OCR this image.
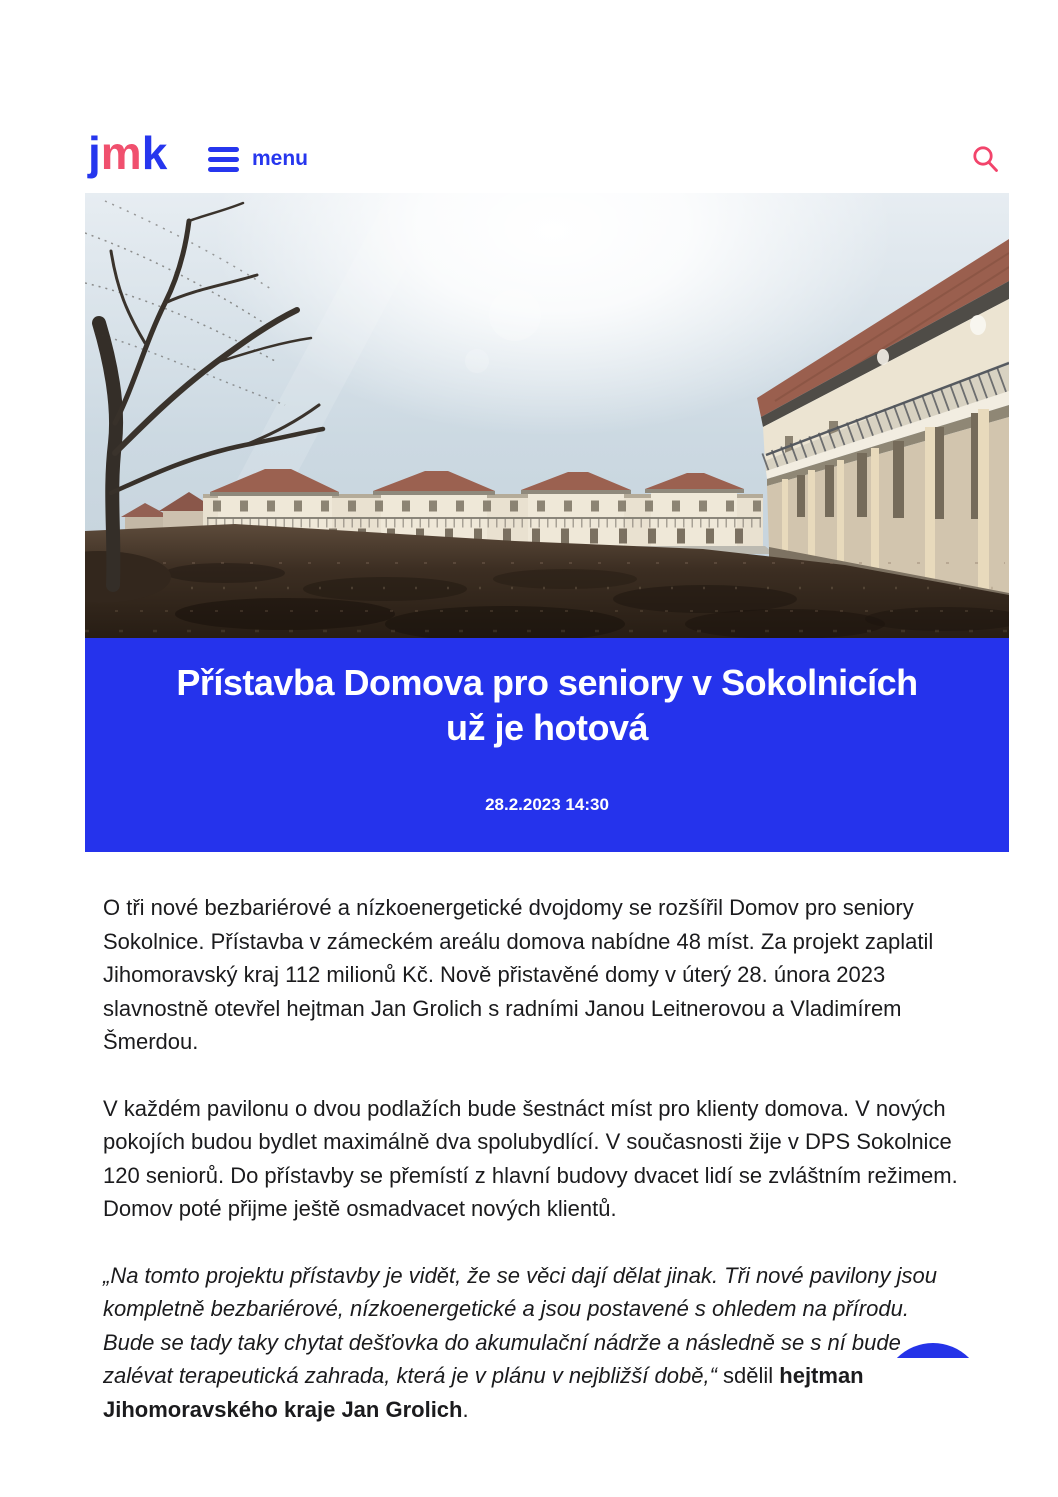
jmk	menu
Přístavba Domova pro seniory v Sokolnicích
už je hotová
28.2.2023 14:30

O tři nové bezbariérové a nízkoenergetické dvojdomy se rozšířil Domov pro seniory Sokolnice. Přístavba v zámeckém areálu domova nabídne 48 míst. Za projekt zaplatil Jihomoravský kraj 112 milionů Kč. Nově přistavěné domy v úterý 28. února 2023 slavnostně otevřel hejtman Jan Grolich s radními Janou Leitnerovou a Vladimírem Šmerdou.

V každém pavilonu o dvou podlažích bude šestnáct míst pro klienty domova. V nových pokojích budou bydlet maximálně dva spolubydlící. V současnosti žije v DPS Sokolnice 120 seniorů. Do přístavby se přemístí z hlavní budovy dvacet lidí se zvláštním režimem. Domov poté přijme ještě osmadvacet nových klientů.

„Na tomto projektu přístavby je vidět, že se věci dají dělat jinak. Tři nové pavilony jsou kompletně bezbariérové, nízkoenergetické a jsou postavené s ohledem na přírodu. Bude se tady taky chytat dešťovka do akumulační nádrže a následně se s ní bude zalévat terapeutická zahrada, která je v plánu v nejbližší době,“ sdělil hejtman Jihomoravského kraje Jan Grolich.
